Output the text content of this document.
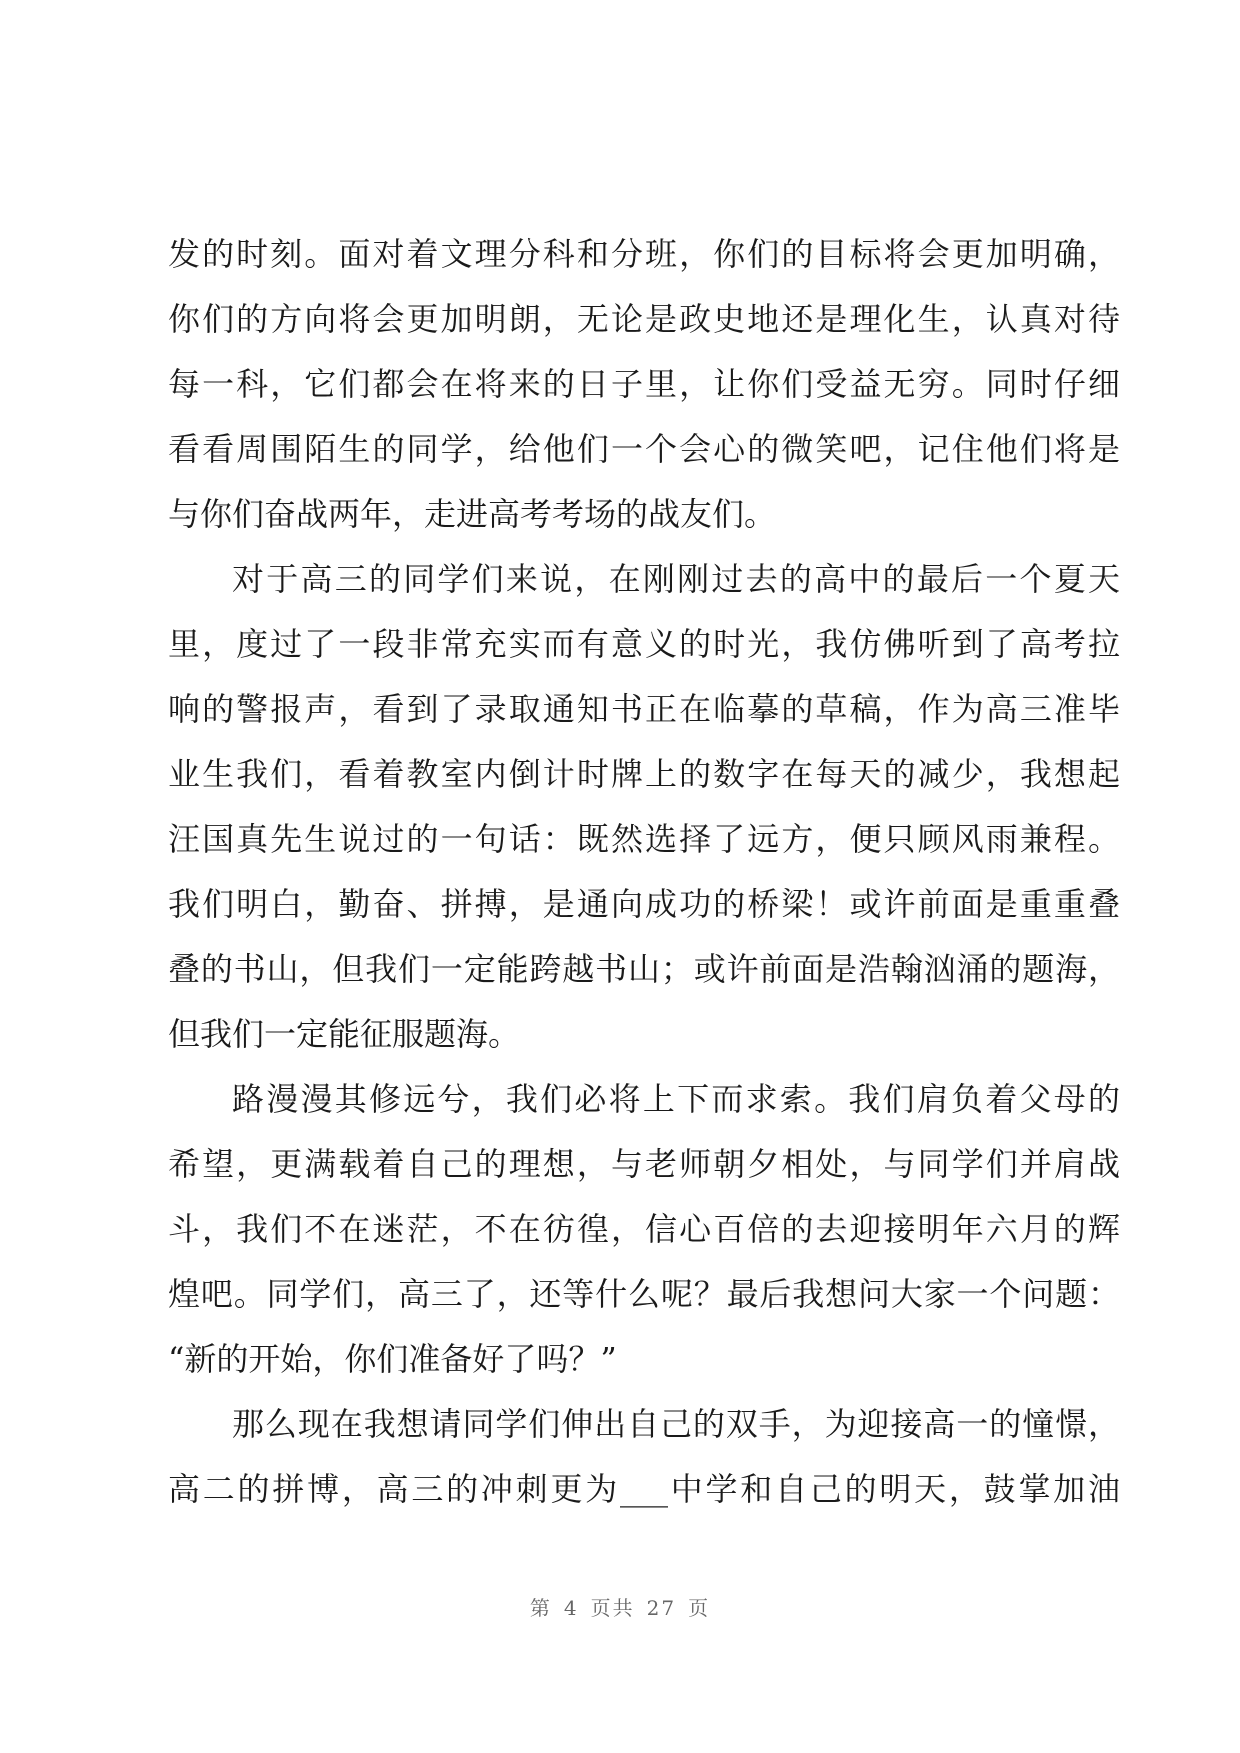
发的时刻。面对着文理分科和分班，你们的目标将会更加明确，
你们的方向将会更加明朗，无论是政史地还是理化生，认真对待
每一科，它们都会在将来的日子里，让你们受益无穷。同时仔细
看看周围陌生的同学，给他们一个会心的微笑吧，记住他们将是
与你们奋战两年，走进高考考场的战友们。
对于高三的同学们来说，在刚刚过去的高中的最后一个夏天
里，度过了一段非常充实而有意义的时光，我仿佛听到了高考拉
响的警报声，看到了录取通知书正在临摹的草稿，作为高三准毕
业生我们，看着教室内倒计时牌上的数字在每天的减少，我想起
汪国真先生说过的一句话：既然选择了远方，便只顾风雨兼程。
我们明白，勤奋、拼搏，是通向成功的桥梁！或许前面是重重叠
叠的书山，但我们一定能跨越书山；或许前面是浩翰汹涌的题海，
但我们一定能征服题海。
路漫漫其修远兮，我们必将上下而求索。我们肩负着父母的
希望，更满载着自己的理想，与老师朝夕相处，与同学们并肩战
斗，我们不在迷茫，不在彷徨，信心百倍的去迎接明年六月的辉
煌吧。同学们，高三了，还等什么呢？最后我想问大家一个问题：
“新的开始，你们准备好了吗？”
那么现在我想请同学们伸出自己的双手，为迎接高一的憧憬，
高二的拼博，高三的冲刺更为___中学和自己的明天，鼓掌加油
第 4 页共 27 页
